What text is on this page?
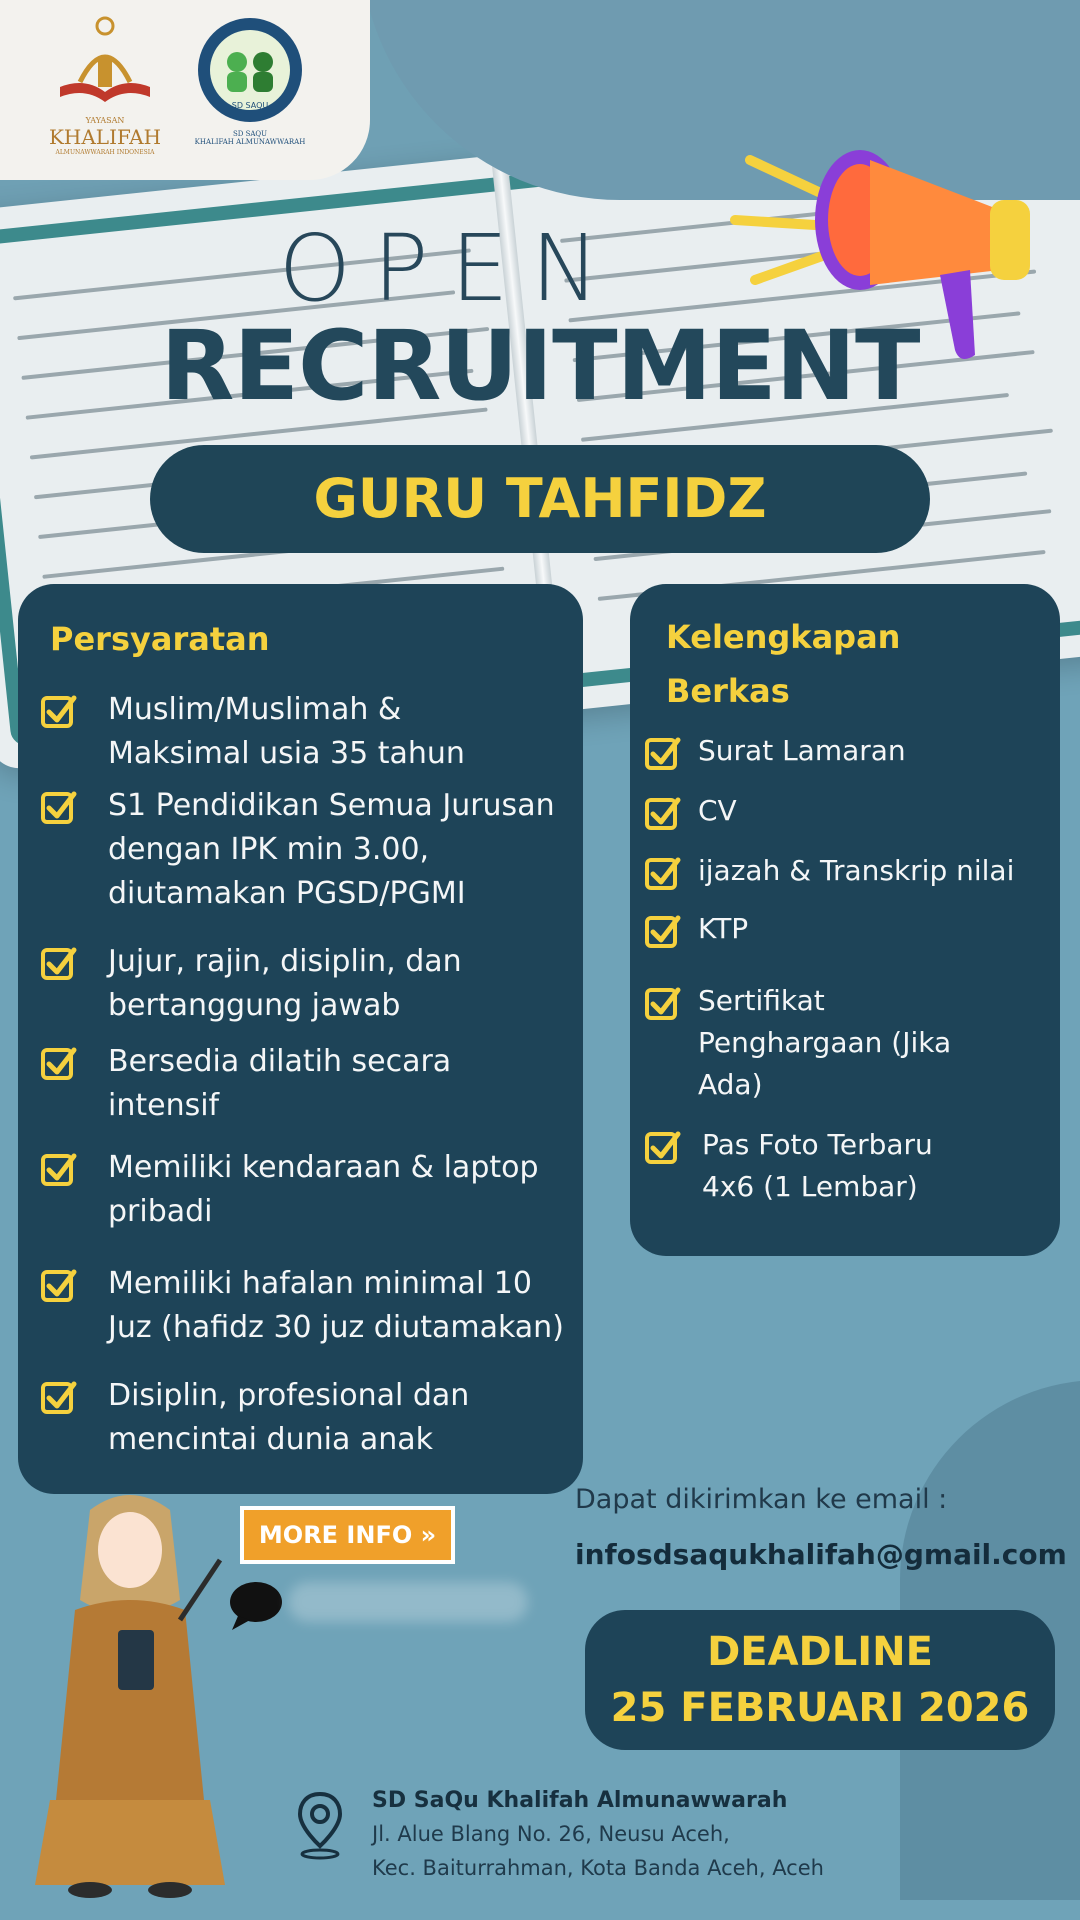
YAYASAN
KHALIFAH
ALMUNAWWARAH INDONESIA
SD SAQU
SD SAQU
KHALIFAH ALMUNAWWARAH
OPEN
RECRUITMENT
GURU TAHFIDZ
Persyaratan
Muslim/Muslimah &
Maksimal usia 35 tahun
S1 Pendidikan Semua Jurusan
dengan IPK min 3.00,
diutamakan PGSD/PGMI
Jujur, rajin, disiplin, dan
bertanggung jawab
Bersedia dilatih secara
intensif
Memiliki kendaraan & laptop
pribadi
Memiliki hafalan minimal 10
Juz (hafidz 30 juz diutamakan)
Disiplin, profesional dan
mencintai dunia anak
Kelengkapan
Berkas
Surat Lamaran
CV
ijazah & Transkrip nilai
KTP
Sertifikat
Penghargaan (Jika
Ada)
Pas Foto Terbaru
4x6 (1 Lembar)
MORE INFO »
Dapat dikirimkan ke email :
infosdsaqukhalifah@gmail.com
DEADLINE
25 FEBRUARI 2026
SD SaQu Khalifah Almunawwarah
Jl. Alue Blang No. 26, Neusu Aceh,
Kec. Baiturrahman, Kota Banda Aceh, Aceh
